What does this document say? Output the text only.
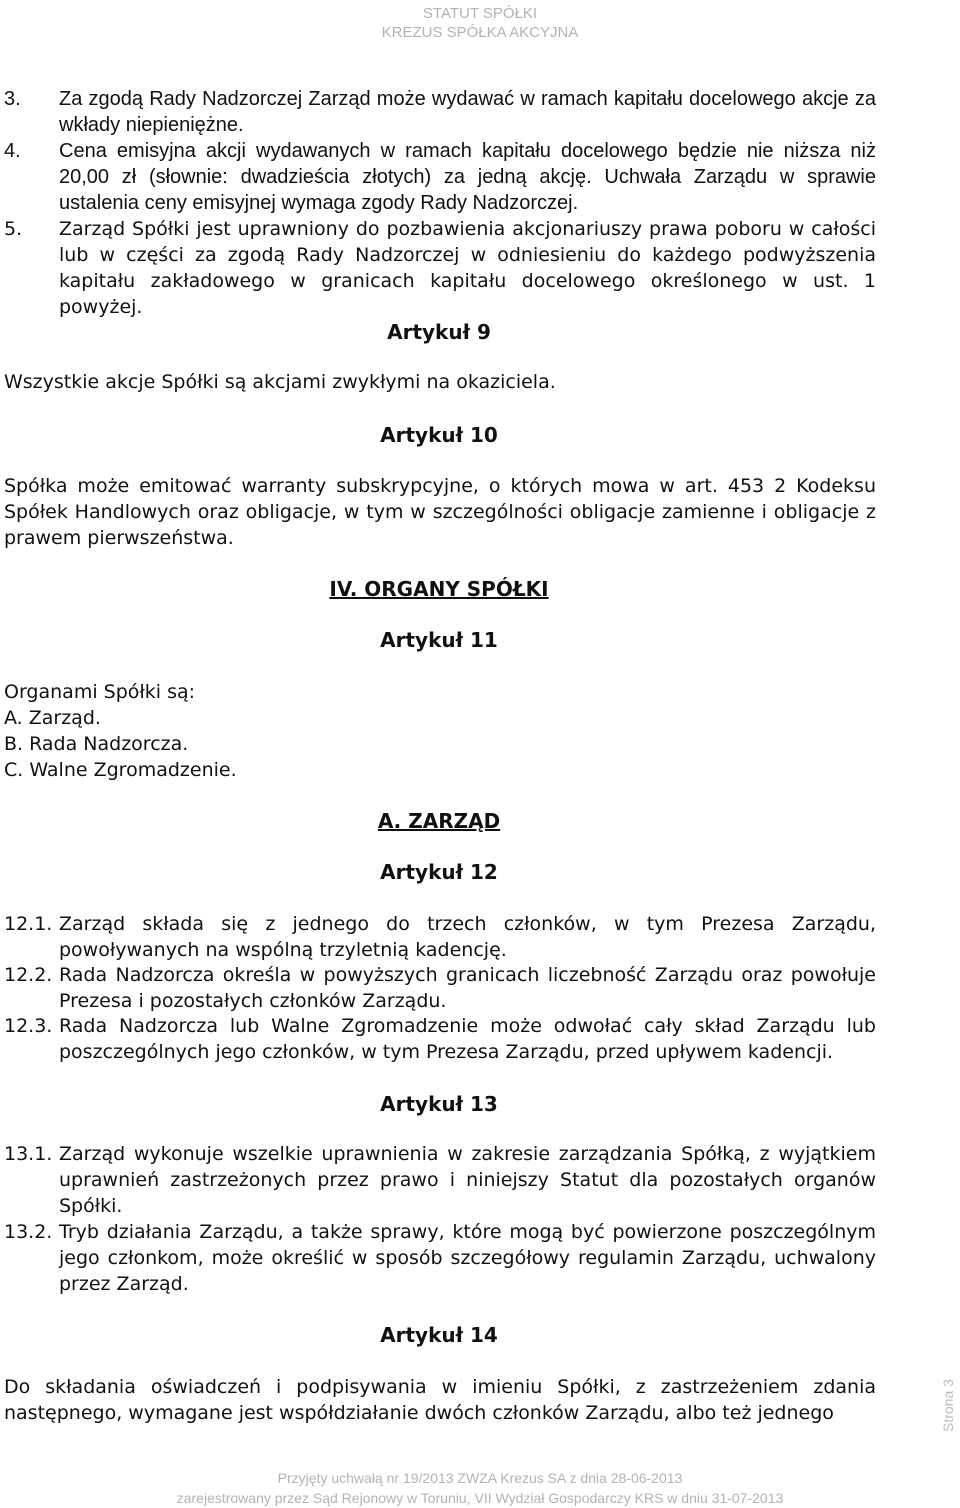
STATUT SPÓŁKI
KREZUS SPÓŁKA AKCYJNA
3.	Za zgodą Rady Nadzorczej Zarząd może wydawać w ramach kapitału docelowego akcje za wkłady niepieniężne.
4.	Cena emisyjna akcji wydawanych w ramach kapitału docelowego będzie nie niższa niż 20,00 zł (słownie: dwadzieścia złotych) za jedną akcję. Uchwała Zarządu w sprawie ustalenia ceny emisyjnej wymaga zgody Rady Nadzorczej.
5.	Zarząd Spółki jest uprawniony do pozbawienia akcjonariuszy prawa poboru w całości lub w części za zgodą Rady Nadzorczej w odniesieniu do każdego podwyższenia kapitału zakładowego w granicach kapitału docelowego określonego w ust. 1 powyżej.
Artykuł 9
Wszystkie akcje Spółki są akcjami zwykłymi na okaziciela.
Artykuł 10
Spółka może emitować warranty subskrypcyjne, o których mowa w art. 453 2 Kodeksu Spółek Handlowych oraz obligacje, w tym w szczególności obligacje zamienne i obligacje z prawem pierwszeństwa.
IV. ORGANY SPÓŁKI
Artykuł 11
Organami Spółki są:
A. Zarząd.
B. Rada Nadzorcza.
C. Walne Zgromadzenie.
A. ZARZĄD
Artykuł 12
12.1. Zarząd składa się z jednego do trzech członków, w tym Prezesa Zarządu, powoływanych na wspólną trzyletnią kadencję.
12.2. Rada Nadzorcza określa w powyższych granicach liczebność Zarządu oraz powołuje Prezesa i pozostałych członków Zarządu.
12.3. Rada Nadzorcza lub Walne Zgromadzenie może odwołać cały skład Zarządu lub poszczególnych jego członków, w tym Prezesa Zarządu, przed upływem kadencji.
Artykuł 13
13.1. Zarząd wykonuje wszelkie uprawnienia w zakresie zarządzania Spółką, z wyjątkiem uprawnień zastrzeżonych przez prawo i niniejszy Statut dla pozostałych organów Spółki.
13.2. Tryb działania Zarządu, a także sprawy, które mogą być powierzone poszczególnym jego członkom, może określić w sposób szczegółowy regulamin Zarządu, uchwalony przez Zarząd.
Artykuł 14
Do składania oświadczeń i podpisywania w imieniu Spółki, z zastrzeżeniem zdania następnego, wymagane jest współdziałanie dwóch członków Zarządu, albo też jednego	Strona 3
Przyjęty uchwałą nr 19/2013 ZWZA Krezus SA z dnia 28-06-2013
zarejestrowany przez Sąd Rejonowy w Toruniu, VII Wydział Gospodarczy KRS w dniu 31-07-2013
